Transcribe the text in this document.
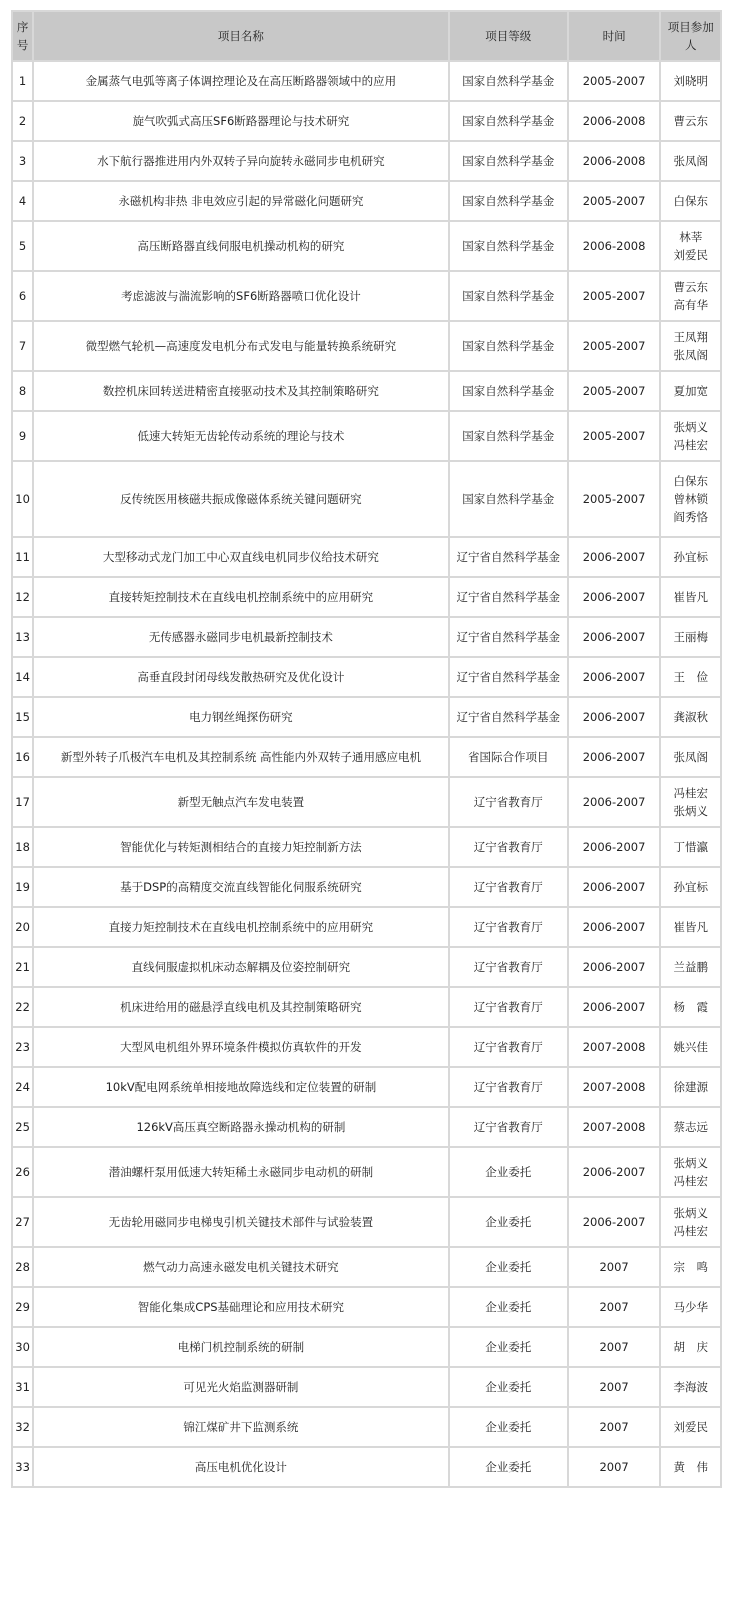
序号	项目名称	项目等级	时间	项目参加人
1	金属蒸气电弧等离子体调控理论及在高压断路器领域中的应用	国家自然科学基金	2005-2007	刘晓明

2	旋气吹弧式高压SF6断路器理论与技术研究	国家自然科学基金	2006-2008	曹云东

3	水下航行器推进用内外双转子异向旋转永磁同步电机研究	国家自然科学基金	2006-2008	张凤阁

4	永磁机构非热 非电效应引起的异常磁化问题研究	国家自然科学基金	2005-2007	白保东

5	高压断路器直线伺服电机操动机构的研究	国家自然科学基金	2006-2008	林莘
刘爱民

6	考虑滤波与湍流影响的SF6断路器喷口优化设计	国家自然科学基金	2005-2007	曹云东
高有华

7	微型燃气轮机—高速度发电机分布式发电与能量转换系统研究	国家自然科学基金	2005-2007	王凤翔
张凤阁

8	数控机床回转送进精密直接驱动技术及其控制策略研究	国家自然科学基金	2005-2007	夏加宽

9	低速大转矩无齿轮传动系统的理论与技术	国家自然科学基金	2005-2007	张炳义
冯桂宏

10	反传统医用核磁共振成像磁体系统关键问题研究	国家自然科学基金	2005-2007	白保东
曾林锁
阎秀恪

11	大型移动式龙门加工中心双直线电机同步仪给技术研究	辽宁省自然科学基金	2006-2007	孙宜标

12	直接转矩控制技术在直线电机控制系统中的应用研究	辽宁省自然科学基金	2006-2007	崔皆凡

13	无传感器永磁同步电机最新控制技术	辽宁省自然科学基金	2006-2007	王丽梅

14	高垂直段封闭母线发散热研究及优化设计	辽宁省自然科学基金	2006-2007	王　俭

15	电力钢丝绳探伤研究	辽宁省自然科学基金	2006-2007	龚淑秋

16	新型外转子爪极汽车电机及其控制系统 高性能内外双转子通用感应电机	省国际合作项目	2006-2007	张凤阁

17	新型无触点汽车发电装置	辽宁省教育厅	2006-2007	冯桂宏
张炳义

18	智能优化与转矩测相结合的直接力矩控制新方法	辽宁省教育厅	2006-2007	丁惜瀛

19	基于DSP的高精度交流直线智能化伺服系统研究	辽宁省教育厅	2006-2007	孙宜标

20	直接力矩控制技术在直线电机控制系统中的应用研究	辽宁省教育厅	2006-2007	崔皆凡

21	直线伺服虚拟机床动态解耦及位姿控制研究	辽宁省教育厅	2006-2007	兰益鹏

22	机床进给用的磁悬浮直线电机及其控制策略研究	辽宁省教育厅	2006-2007	杨　霞

23	大型风电机组外界环境条件模拟仿真软件的开发	辽宁省教育厅	2007-2008	姚兴佳

24	10kV配电网系统单相接地故障选线和定位装置的研制	辽宁省教育厅	2007-2008	徐建源

25	126kV高压真空断路器永操动机构的研制	辽宁省教育厅	2007-2008	蔡志远

26	潜油螺杆泵用低速大转矩稀土永磁同步电动机的研制	企业委托	2006-2007	张炳义
冯桂宏

27	无齿轮用磁同步电梯曳引机关键技术部件与试验装置	企业委托	2006-2007	张炳义
冯桂宏

28	燃气动力高速永磁发电机关键技术研究	企业委托	2007	宗　鸣

29	智能化集成CPS基础理论和应用技术研究	企业委托	2007	马少华

30	电梯门机控制系统的研制	企业委托	2007	胡　庆

31	可见光火焰监测器研制	企业委托	2007	李海波

32	锦江煤矿井下监测系统	企业委托	2007	刘爱民

33	高压电机优化设计	企业委托	2007	黄　伟
